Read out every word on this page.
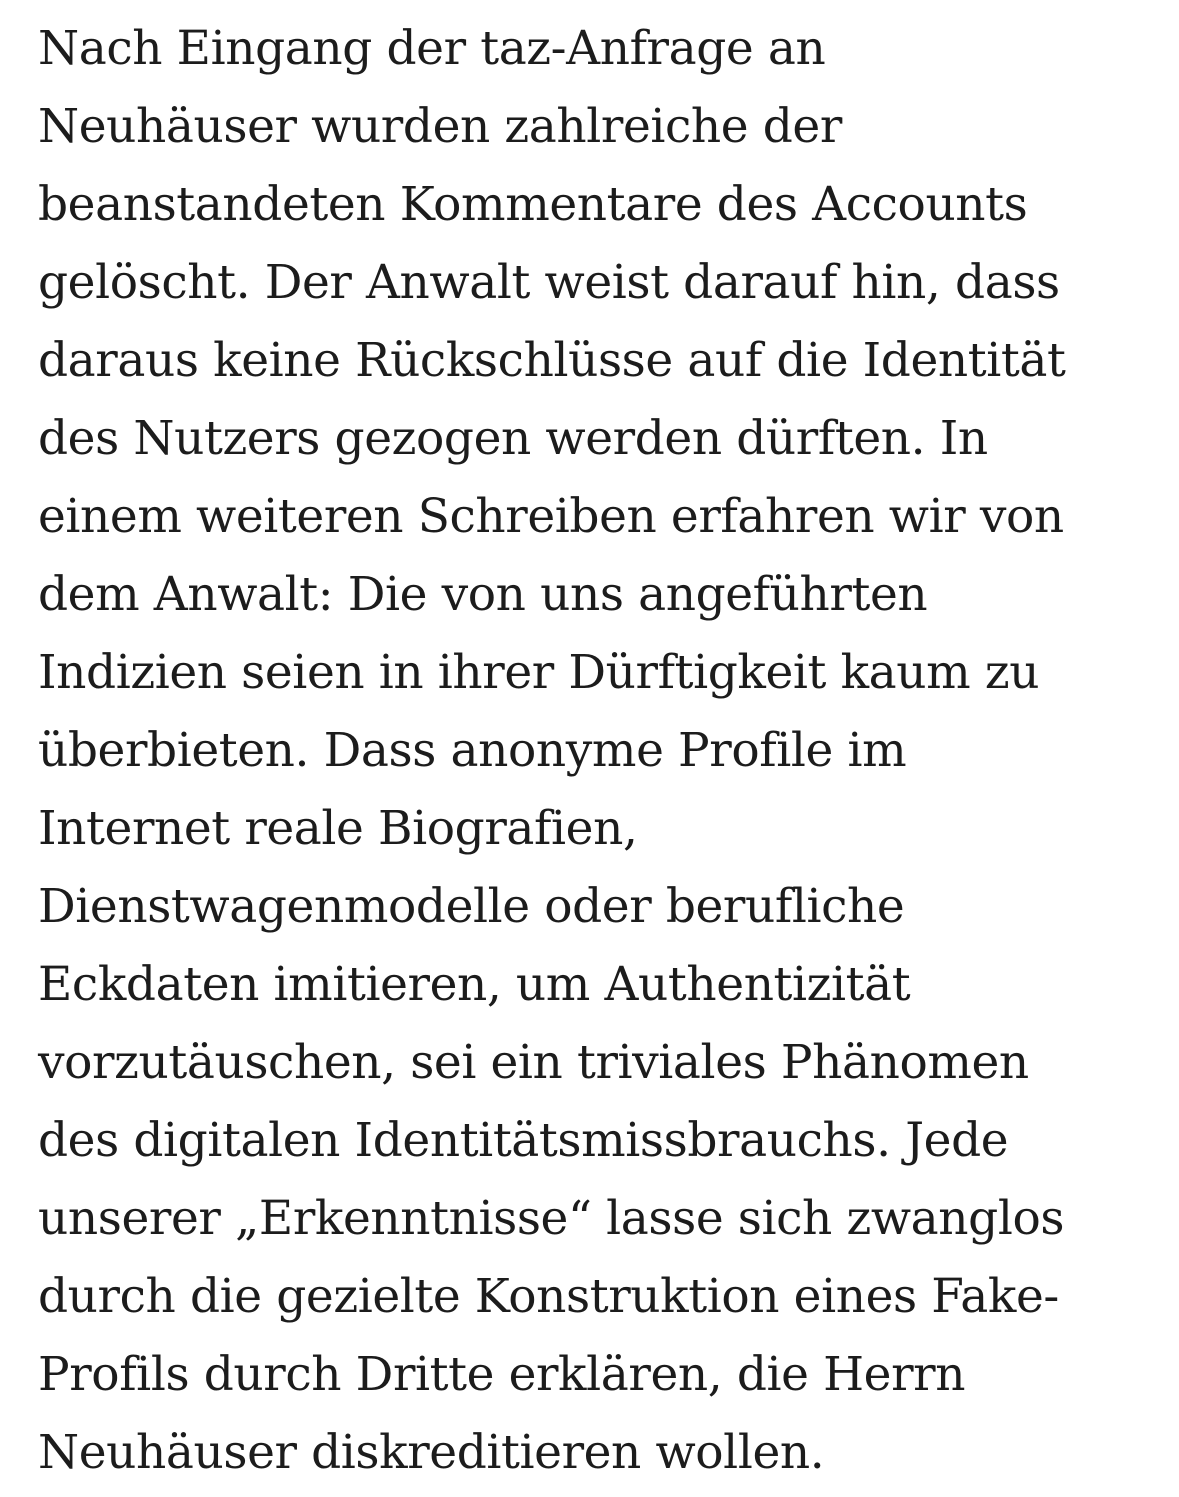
Nach Eingang der taz-Anfrage an
Neuhäuser wurden zahlreiche der
beanstandeten Kommentare des Accounts
gelöscht. Der Anwalt weist darauf hin, dass
daraus keine Rückschlüsse auf die Identität
des Nutzers gezogen werden dürften. In
einem weiteren Schreiben erfahren wir von
dem Anwalt: Die von uns angeführten
Indizien seien in ihrer Dürftigkeit kaum zu
überbieten. Dass anonyme Profile im
Internet reale Biografien,
Dienstwagenmodelle oder berufliche
Eckdaten imitieren, um Authentizität
vorzutäuschen, sei ein triviales Phänomen
des digitalen Identitätsmissbrauchs. Jede
unserer „Erkenntnisse“ lasse sich zwanglos
durch die gezielte Konstruktion eines Fake-
Profils durch Dritte erklären, die Herrn
Neuhäuser diskreditieren wollen.
